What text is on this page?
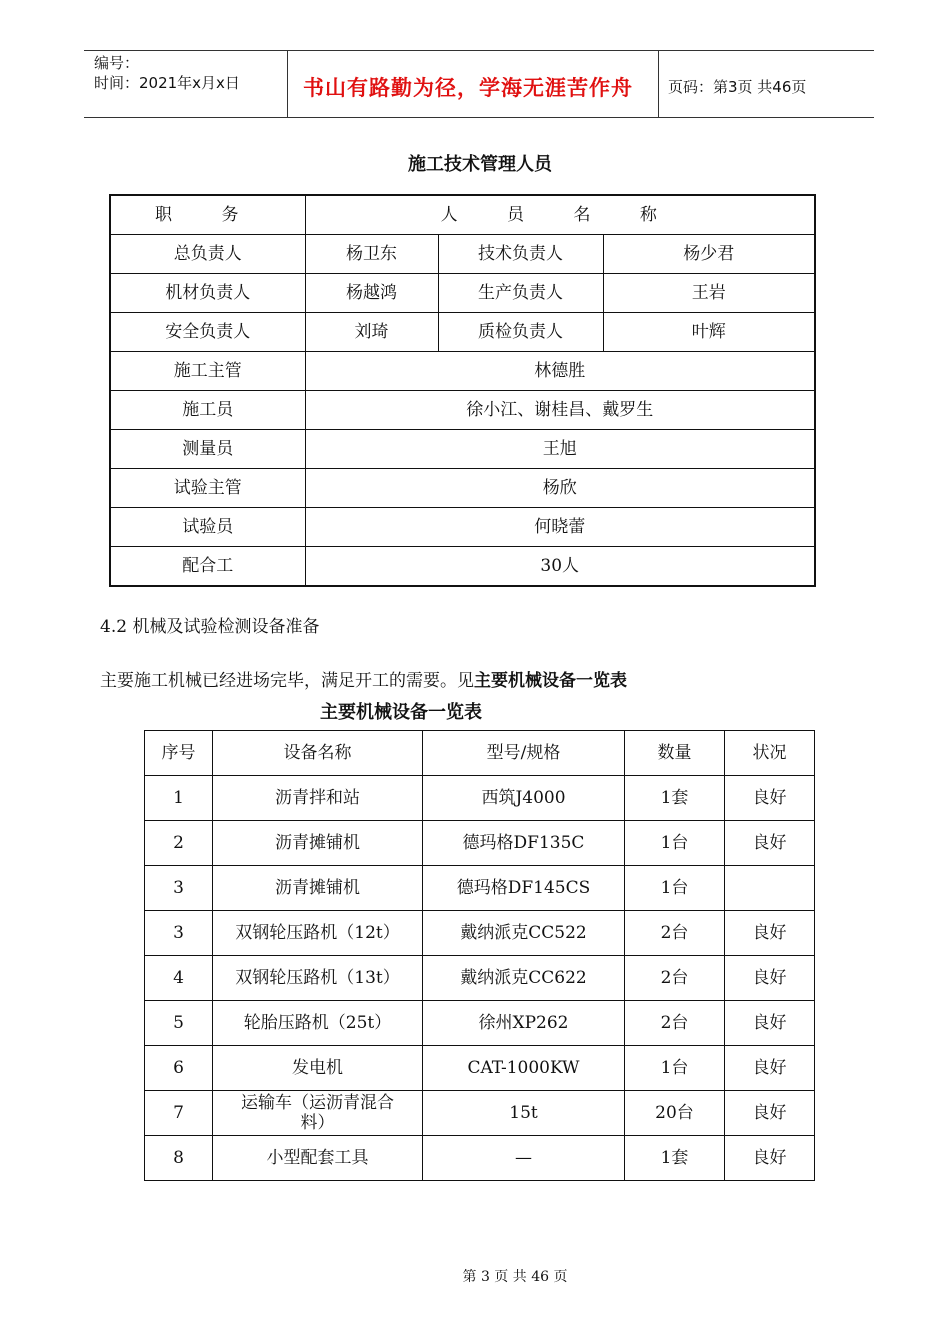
编号：
时间：2021年x月x日	书山有路勤为径，学海无涯苦作舟 页码：第3页 共46页
施工技术管理人员
职 务	人 员 名 称		
总负责人	杨卫东	技术负责人	杨少君
机材负责人	杨越鸿	生产负责人	王岩
安全负责人	刘琦	质检负责人	叶辉
施工主管	林德胜		
施工员	徐小江、谢桂昌、戴罗生		
测量员	王旭		
试验主管	杨欣		
试验员	何晓蕾		
配合工	30人		
4.2 机械及试验检测设备准备
主要施工机械已经进场完毕，满足开工的需要。见主要机械设备一览表
主要机械设备一览表
序号	设备名称	型号/规格	数量	状况
1	沥青拌和站	西筑J4000	1套	良好
2	沥青摊铺机	德玛格DF135C	1台	良好
3	沥青摊铺机	德玛格DF145CS	1台	
3	双钢轮压路机（12t）	戴纳派克CC522	2台	良好
4	双钢轮压路机（13t）	戴纳派克CC622	2台	良好
5	轮胎压路机（25t）	徐州XP262	2台	良好
6	发电机	CAT-1000KW	1台	良好
7	运输车（运沥青混合料）	15t	20台	良好
8	小型配套工具	—	1套	良好
第 3 页 共 46 页
